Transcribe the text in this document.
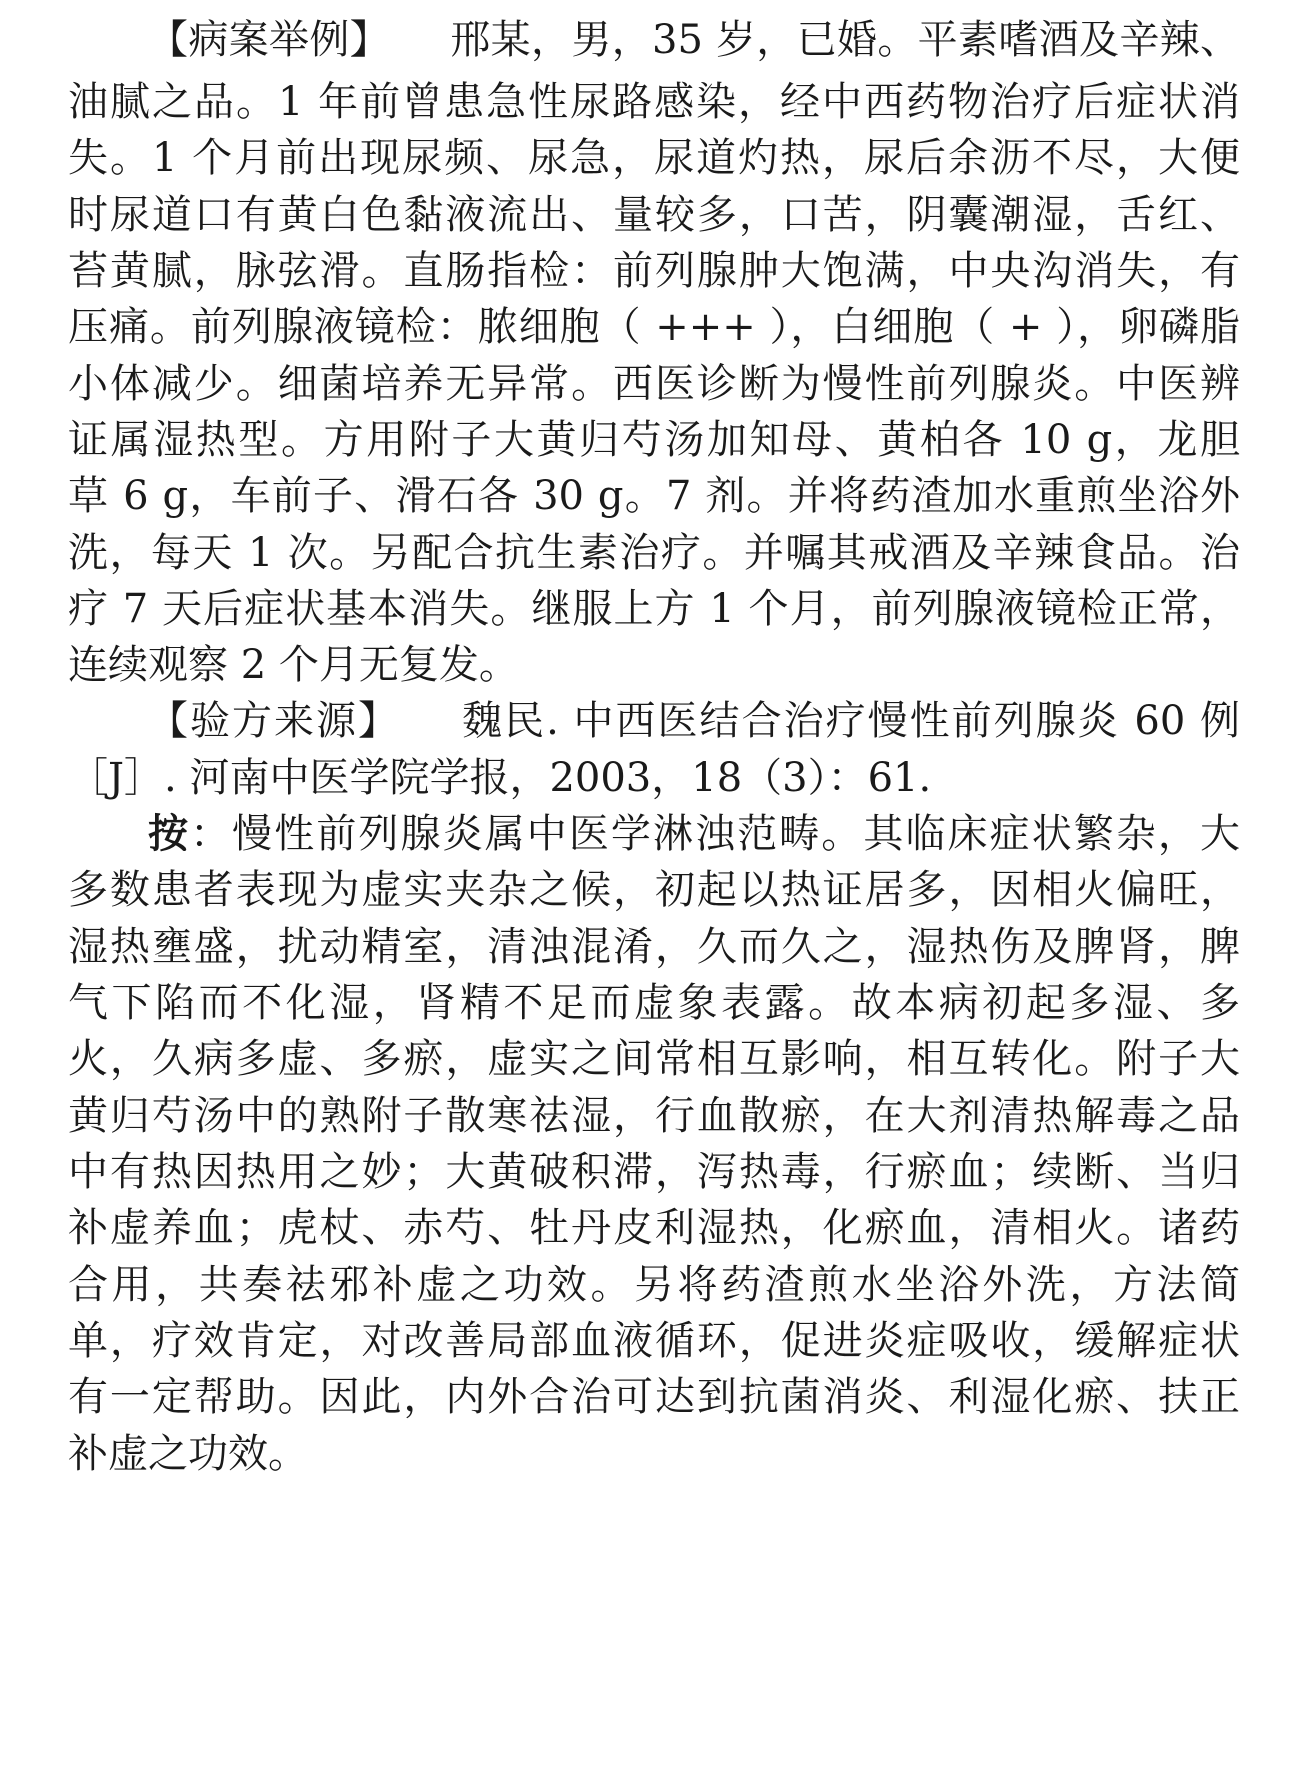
【病案举例】 邢某，男，35 岁，已婚。平素嗜酒及辛辣、
油腻之品。1 年前曾患急性尿路感染，经中西药物治疗后症状消
失。1 个月前出现尿频、尿急，尿道灼热，尿后余沥不尽，大便
时尿道口有黄白色黏液流出、量较多，口苦，阴囊潮湿，舌红、
苔黄腻，脉弦滑。直肠指检：前列腺肿大饱满，中央沟消失，有
压痛。前列腺液镜检：脓细胞（ +++ ），白细胞（ + ），卵磷脂
小体减少。细菌培养无异常。西医诊断为慢性前列腺炎。中医辨
证属湿热型。方用附子大黄归芍汤加知母、黄柏各 10 g，龙胆
草 6 g，车前子、滑石各 30 g。7 剂。并将药渣加水重煎坐浴外
洗，每天 1 次。另配合抗生素治疗。并嘱其戒酒及辛辣食品。治
疗 7 天后症状基本消失。继服上方 1 个月，前列腺液镜检正常，
连续观察 2 个月无复发。
【验方来源】 魏民. 中西医结合治疗慢性前列腺炎 60 例
［J］. 河南中医学院学报，2003，18（3）：61.
按：慢性前列腺炎属中医学淋浊范畴。其临床症状繁杂，大
多数患者表现为虚实夹杂之候，初起以热证居多，因相火偏旺，
湿热壅盛，扰动精室，清浊混淆，久而久之，湿热伤及脾肾，脾
气下陷而不化湿，肾精不足而虚象表露。故本病初起多湿、多
火，久病多虚、多瘀，虚实之间常相互影响，相互转化。附子大
黄归芍汤中的熟附子散寒祛湿，行血散瘀，在大剂清热解毒之品
中有热因热用之妙；大黄破积滞，泻热毒，行瘀血；续断、当归
补虚养血；虎杖、赤芍、牡丹皮利湿热，化瘀血，清相火。诸药
合用，共奏祛邪补虚之功效。另将药渣煎水坐浴外洗，方法简
单，疗效肯定，对改善局部血液循环，促进炎症吸收，缓解症状
有一定帮助。因此，内外合治可达到抗菌消炎、利湿化瘀、扶正
补虚之功效。
